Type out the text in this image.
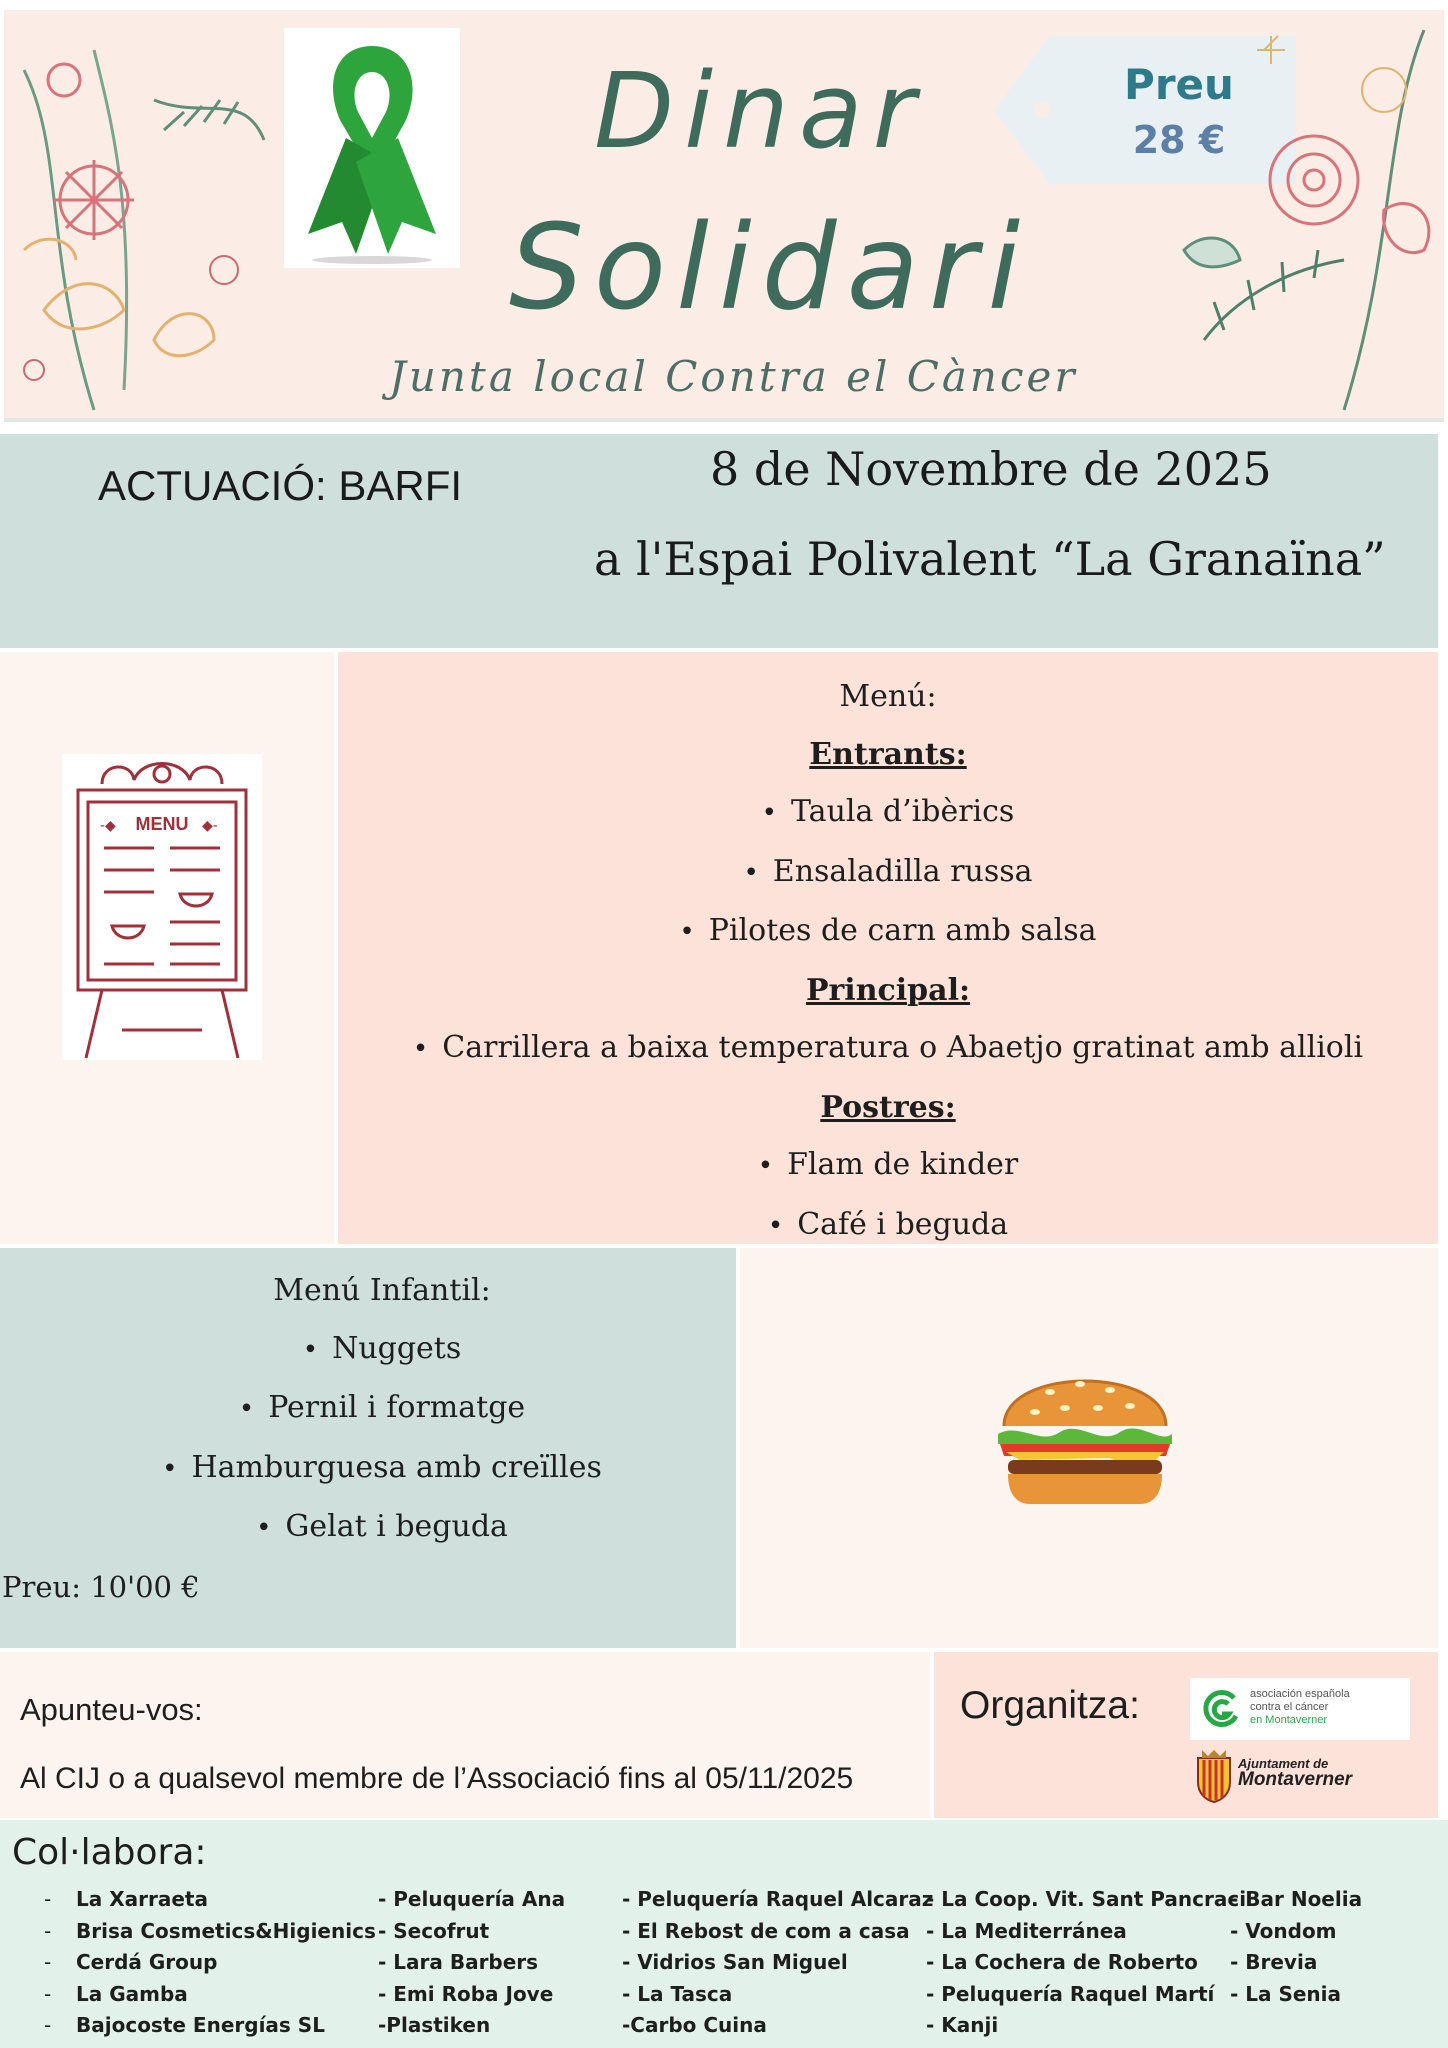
Dinar
Solidari
Junta local Contra el Càncer
Preu
28 €
ACTUACIÓ: BARFI	8 de Novembre de 2025
a l'Espai Polivalent “La Granaïna”
MENU
-◆	◆-
Menú:
Entrants:
• Taula d’ibèrics
• Ensaladilla russa
• Pilotes de carn amb salsa
Principal:
• Carrillera a baixa temperatura o Abaetjo gratinat amb allioli
Postres:
• Flam de kinder
• Café i beguda
Menú Infantil:
• Nuggets
• Pernil i formatge
• Hamburguesa amb creïlles
• Gelat i beguda
Preu: 10'00 €
Apunteu-vos:
Al CIJ o a qualsevol membre de l’Associació fins al 05/11/2025
Organitza:	asociación española
contra el cáncer
en Montaverner
Ajuntament de
Montaverner
Col·labora:
- La Xarraeta
- Brisa Cosmetics&Higienics
- Cerdá Group
- La Gamba
- Bajocoste Energías SL
- Peluquería Ana
- Secofrut
- Lara Barbers
- Emi Roba Jove
-Plastiken
- Peluquería Raquel Alcaraz
- El Rebost de com a casa
- Vidrios San Miguel
- La Tasca
-Carbo Cuina
- La Coop. Vit. Sant Pancraci
- La Mediterránea
- La Cochera de Roberto
- Peluquería Raquel Martí
- Kanji
- Bar Noelia
- Vondom
- Brevia
- La Senia
